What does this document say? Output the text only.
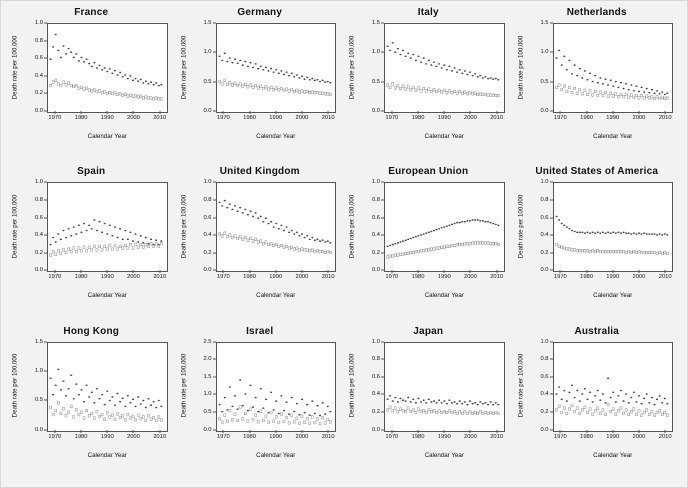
France
Death rate per 100,000
0.0
0.2
0.4
0.6
0.8
1.0
1970 1980 1990 2000 2010
Calendar Year
Germany
Death rate per 100,000
0.0
0.5
1.0
1.5
1970 1980 1990 2000 2010
Calendar Year
Italy
Death rate per 100,000
0.0
0.5
1.0
1.5
1970 1980 1990 2000 2010
Calendar Year
Netherlands
Death rate per 100,000
0.0
0.5
1.0
1.5
1970 1980 1990 2000 2010
Calendar Year
Spain
Death rate per 100,000
0.0
0.2
0.4
0.6
0.8
1.0
1970 1980 1990 2000 2010
Calendar Year
United Kingdom
Death rate per 100,000
0.0
0.2
0.4
0.6
0.8
1.0
1970 1980 1990 2000 2010
Calendar Year
European Union
Death rate per 100,000
0.0
0.2
0.4
0.6
0.8
1.0
1970 1980 1990 2000 2010
Calendar Year
United States of America
Death rate per 100,000
0.0
0.2
0.4
0.6
0.8
1.0
1970 1980 1990 2000 2010
Calendar Year
Hong Kong
Death rate per 100,000
0.0
0.5
1.0
1.5
1970 1980 1990 2000 2010
Calendar Year
Israel
Death rate per 100,000
0.0
0.5
1.0
1.5
2.0
2.5
1970 1980 1990 2000 2010
Calendar Year
Japan
Death rate per 100,000
0.0
0.2
0.4
0.6
0.8
1.0
1970 1980 1990 2000 2010
Calendar Year
Australia
Death rate per 100,000
0.0
0.2
0.4
0.6
0.8
1.0
1970 1980 1990 2000 2010
Calendar Year
